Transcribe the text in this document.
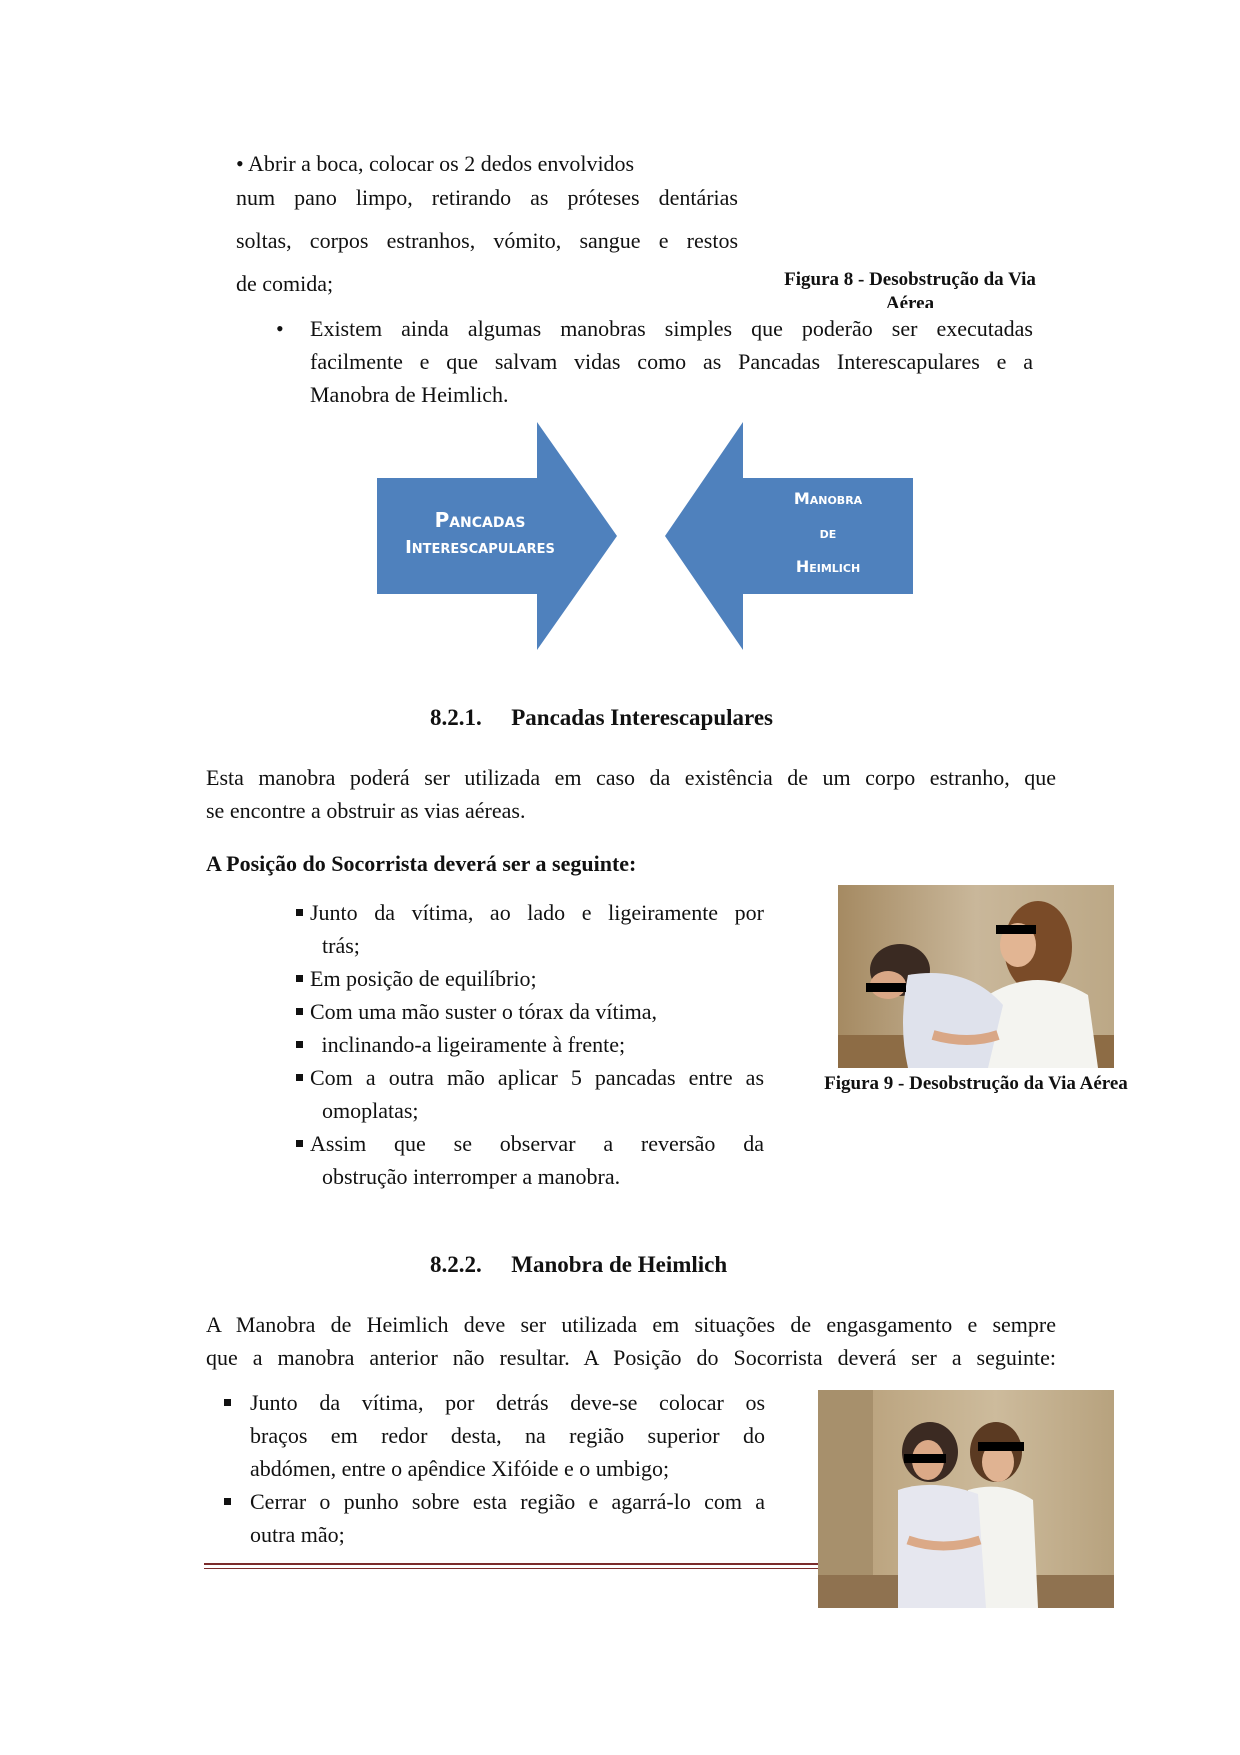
• Abrir a boca, colocar os 2 dedos envolvidos
num pano limpo, retirando as próteses dentárias
soltas, corpos estranhos, vómito, sangue e restos
de comida;	Figura 8 - Desobstrução da Via
Aérea
• Existem ainda algumas manobras simples que poderão ser executadas
facilmente e que salvam vidas como as Pancadas Interescapulares e a
Manobra de Heimlich.
Pancadas
Interescapulares
Manobra
de
Heimlich
8.2.1. Pancadas Interescapulares
Esta manobra poderá ser utilizada em caso da existência de um corpo estranho, que
se encontre a obstruir as vias aéreas.
A Posição do Socorrista deverá ser a seguinte:
Junto da vítima, ao lado e ligeiramente por
trás;
Em posição de equilíbrio;
Com uma mão suster o tórax da vítima,
inclinando-a ligeiramente à frente;
Com a outra mão aplicar 5 pancadas entre as
omoplatas;
Assim que se observar a reversão da
obstrução interromper a manobra.
Figura 9 - Desobstrução da Via Aérea
8.2.2. Manobra de Heimlich
A Manobra de Heimlich deve ser utilizada em situações de engasgamento e sempre
que a manobra anterior não resultar. A Posição do Socorrista deverá ser a seguinte:
Junto da vítima, por detrás deve-se colocar os
braços em redor desta, na região superior do
abdómen, entre o apêndice Xifóide e o umbigo;
Cerrar o punho sobre esta região e agarrá-lo com a
outra mão;
